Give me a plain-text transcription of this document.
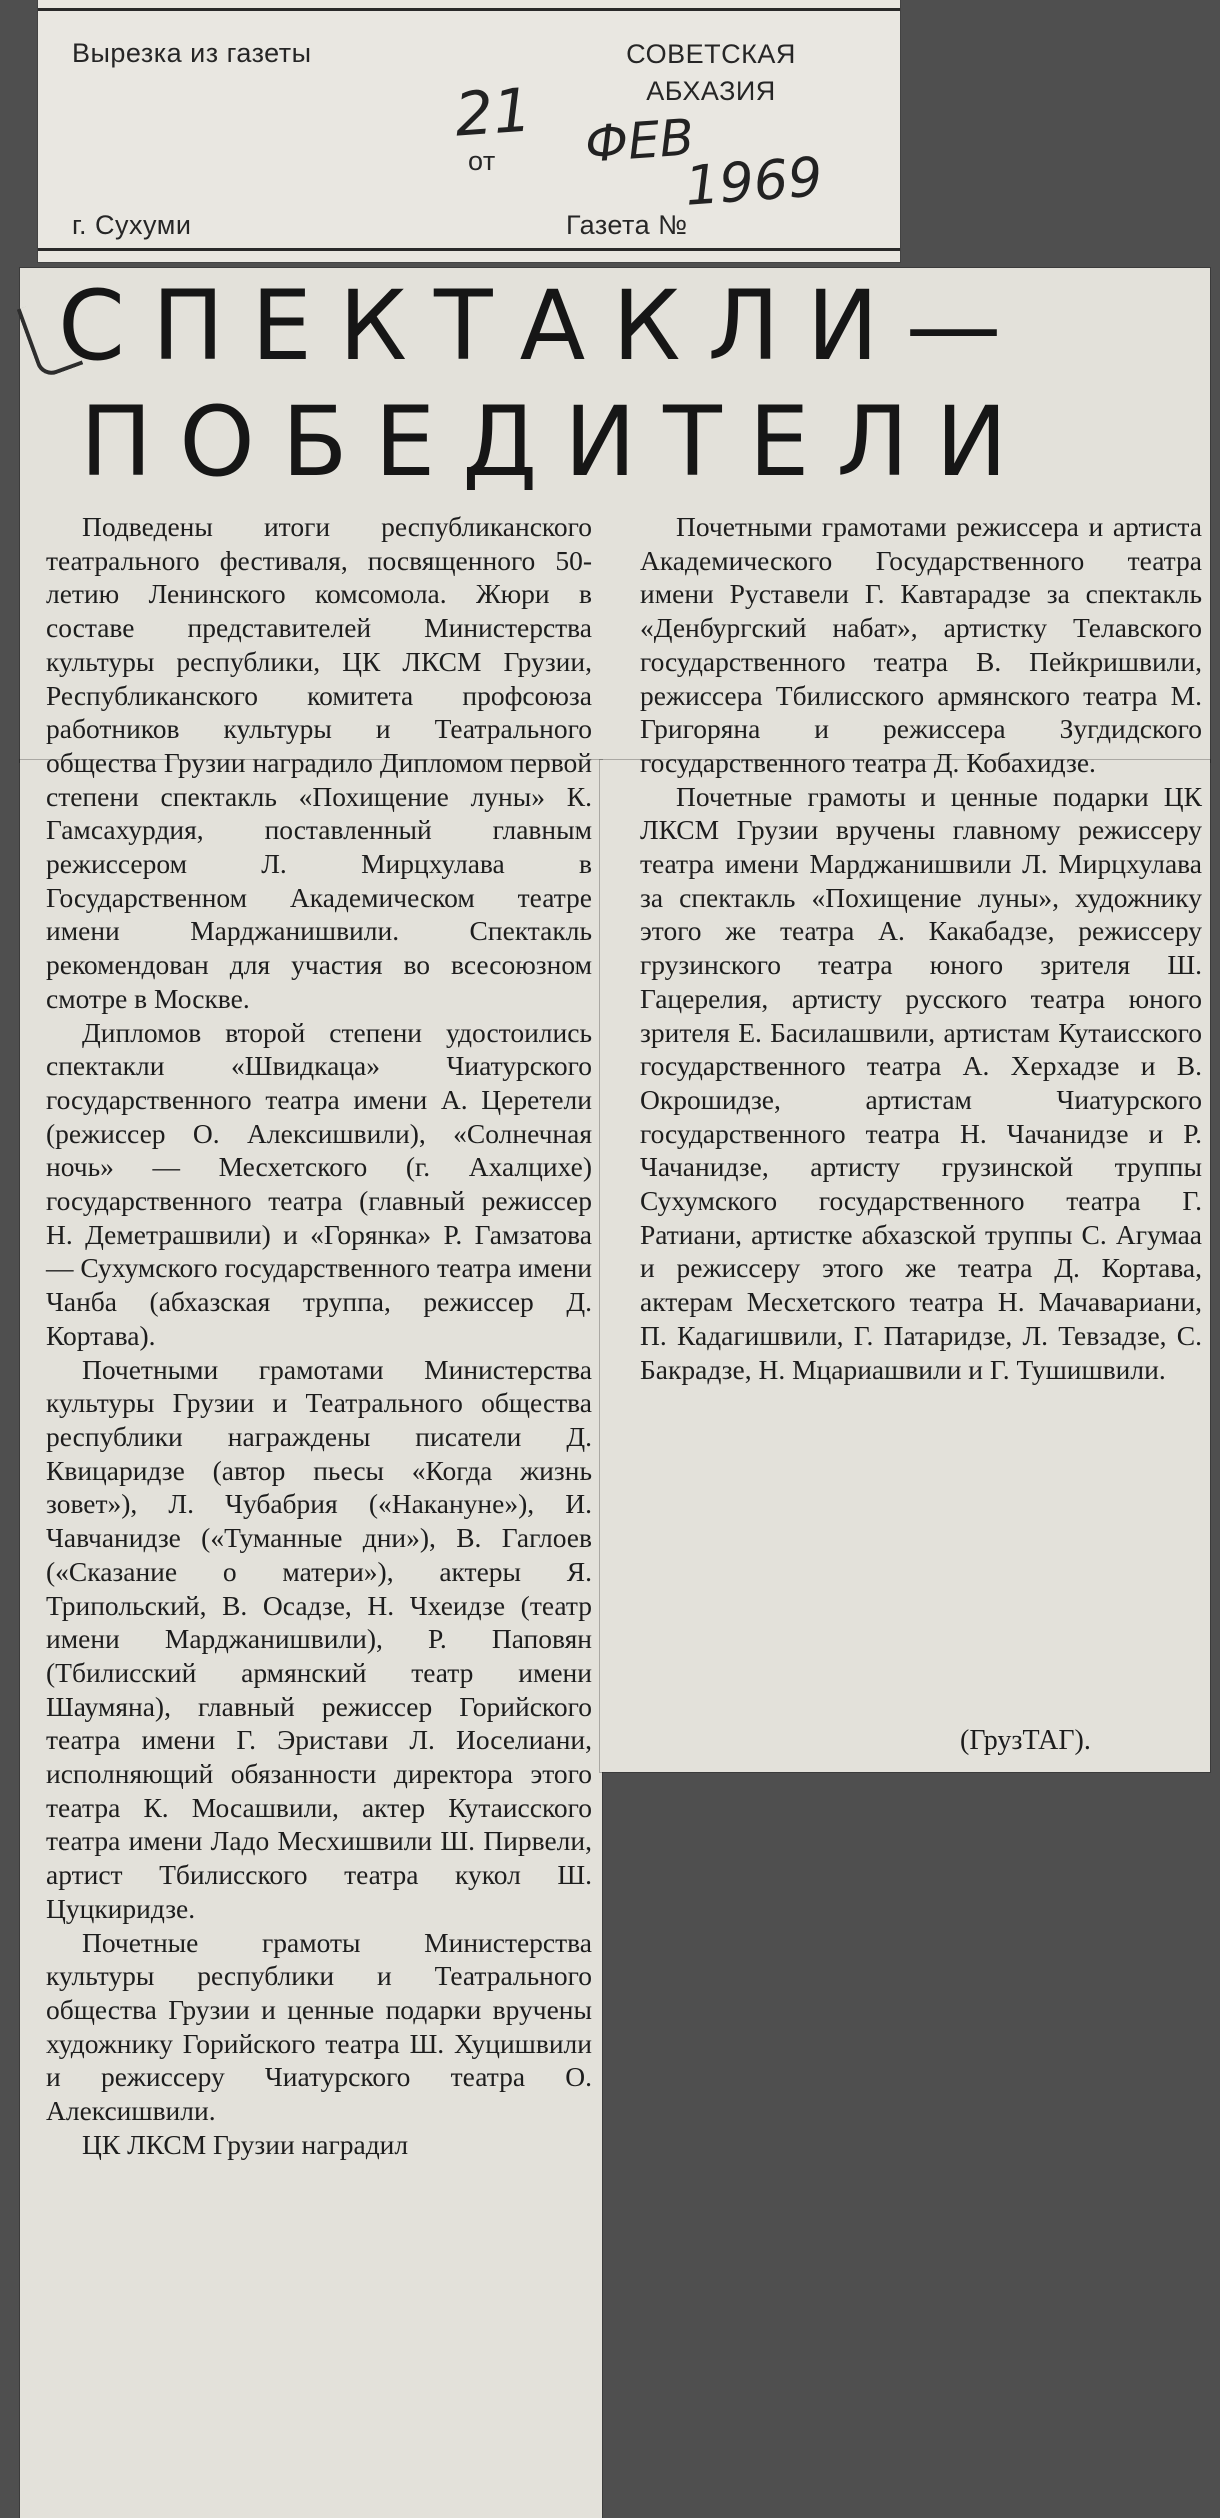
Вырезка из газеты	СОВЕТСКАЯ
АБХАЗИЯ
от
г. Сухуми	Газета №
21 ФЕВ
1969
СПЕКТАКЛИ—
ПОБЕДИТЕЛИ

Подведены итоги республиканского театрального фестиваля, посвященного 50-летию Ленинского комсомола. Жюри в составе представителей Министерства культуры республики, ЦК ЛКСМ Грузии, Республиканского комитета профсоюза работников культуры и Театрального общества Грузии наградило Дипломом первой степени спектакль «Похищение луны» К. Гамсахурдия, поставленный главным режиссером Л. Мирцхулава в Государственном Академическом театре имени Марджанишвили. Спектакль рекомендован для участия во всесоюзном смотре в Москве.

Дипломов второй степени удостоились спектакли «Швидкаца» Чиатурского государственного театра имени А. Церетели (режиссер О. Алексишвили), «Солнечная ночь» — Месхетского (г. Ахалцихе) государственного театра (главный режиссер Н. Деметрашвили) и «Горянка» Р. Гамзатова — Сухумского государственного театра имени Чанба (абхазская труппа, режиссер Д. Кортава).

Почетными грамотами Министерства культуры Грузии и Театрального общества республики награждены писатели Д. Квицаридзе (автор пьесы «Когда жизнь зовет»), Л. Чубабрия («Накануне»), И. Чавчанидзе («Туманные дни»), В. Гаглоев («Сказание о матери»), актеры Я. Трипольский, В. Осадзе, Н. Чхеидзе (театр имени Марджанишвили), Р. Паповян (Тбилисский армянский театр имени Шаумяна), главный режиссер Горийского театра имени Г. Эристави Л. Иоселиани, исполняющий обязанности директора этого театра К. Мосашвили, актер Кутаисского театра имени Ладо Месхишвили Ш. Пирвели, артист Тбилисского театра кукол Ш. Цуцкиридзе.

Почетные грамоты Министерства культуры республики и Театрального общества Грузии и ценные подарки вручены художнику Горийского театра Ш. Хуцишвили и режиссеру Чиатурского театра О. Алексишвили.

ЦК ЛКСМ Грузии наградил

Почетными грамотами режиссера и артиста Академического Государственного театра имени Руставели Г. Кавтарадзе за спектакль «Денбургский набат», артистку Телавского государственного театра В. Пейкришвили, режиссера Тбилисского армянского театра М. Григоряна и режиссера Зугдидского государственного театра Д. Кобахидзе.

Почетные грамоты и ценные подарки ЦК ЛКСМ Грузии вручены главному режиссеру театра имени Марджанишвили Л. Мирцхулава за спектакль «Похищение луны», художнику этого же театра А. Какабадзе, режиссеру грузинского театра юного зрителя Ш. Гацерелия, артисту русского театра юного зрителя Е. Басилашвили, артистам Кутаисского государственного театра А. Херхадзе и В. Окрошидзе, артистам Чиатурского государственного театра Н. Чачанидзе и Р. Чачанидзе, артисту грузинской труппы Сухумского государственного театра Г. Ратиани, артистке абхазской труппы С. Агумаа и режиссеру этого же театра Д. Кортава, актерам Месхетского театра Н. Мачавариани, П. Кадагишвили, Г. Патаридзе, Л. Тевзадзе, С. Бакрадзе, Н. Мцариашвили и Г. Тушишвили.

(ГрузТАГ).
